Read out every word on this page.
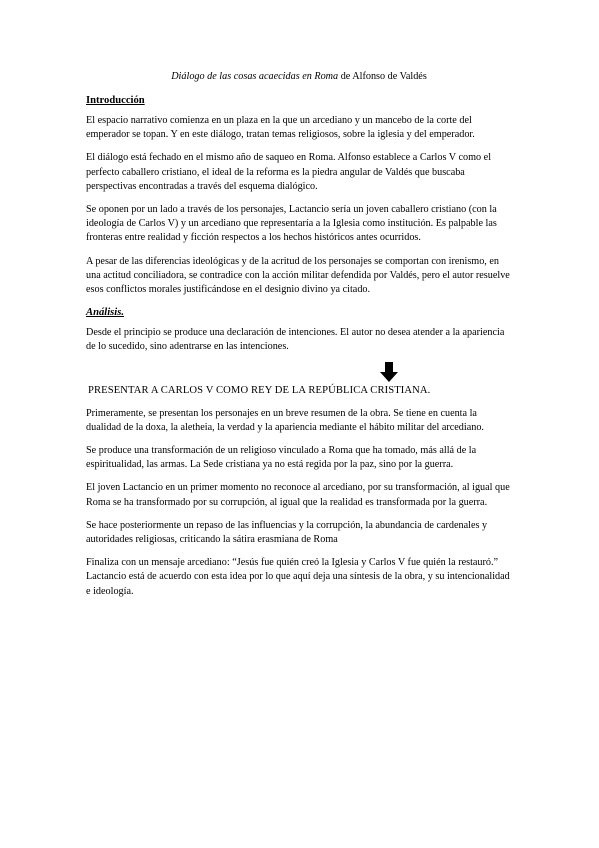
Diálogo de las cosas acaecidas en Roma de Alfonso de Valdés
Introducción

El espacio narrativo comienza en un plaza en la que un arcediano y un mancebo de la corte del emperador se topan. Y en este diálogo, tratan temas religiosos, sobre la iglesia y del emperador.

El diálogo está fechado en el mismo año de saqueo en Roma. Alfonso establece a Carlos V como el perfecto caballero cristiano, el ideal de la reforma es la piedra angular de Valdés que buscaba perspectivas encontradas a través del esquema dialógico.

Se oponen por un lado a través de los personajes, Lactancio sería un joven caballero cristiano (con la ideología de Carlos V) y un arcediano que representaría a la Iglesia como institución. Es palpable las fronteras entre realidad y ficción respectos a los hechos históricos antes ocurridos.

A pesar de las diferencias ideológicas y de la acritud de los personajes se comportan con irenismo, en una actitud conciliadora, se contradice con la acción militar defendida por Valdés, pero el autor resuelve esos conflictos morales justificándose en el designio divino ya citado.

Análisis.

Desde el principio se produce una declaración de intenciones. El autor no desea atender a la apariencia de lo sucedido, sino adentrarse en las intenciones.

PRESENTAR A CARLOS V COMO REY DE LA REPÚBLICA CRISTIANA.

Primeramente, se presentan los personajes en un breve resumen de la obra. Se tiene en cuenta la dualidad de la doxa, la aletheia, la verdad y la apariencia mediante el hábito militar del arcediano.

Se produce una transformación de un religioso vinculado a Roma que ha tomado, más allá de la espiritualidad, las armas. La Sede cristiana ya no está regida por la paz, sino por la guerra.

El joven Lactancio en un primer momento no reconoce al arcediano, por su transformación, al igual que Roma se ha transformado por su corrupción, al igual que la realidad es transformada por la guerra.

Se hace posteriormente un repaso de las influencias y la corrupción, la abundancia de cardenales y autoridades religiosas, criticando la sátira erasmiana de Roma

Finaliza con un mensaje arcediano: “Jesús fue quién creó la Iglesia y Carlos V fue quién la restauró.” Lactancio está de acuerdo con esta idea por lo que aquí deja una síntesis de la obra, y su intencionalidad e ideología.
